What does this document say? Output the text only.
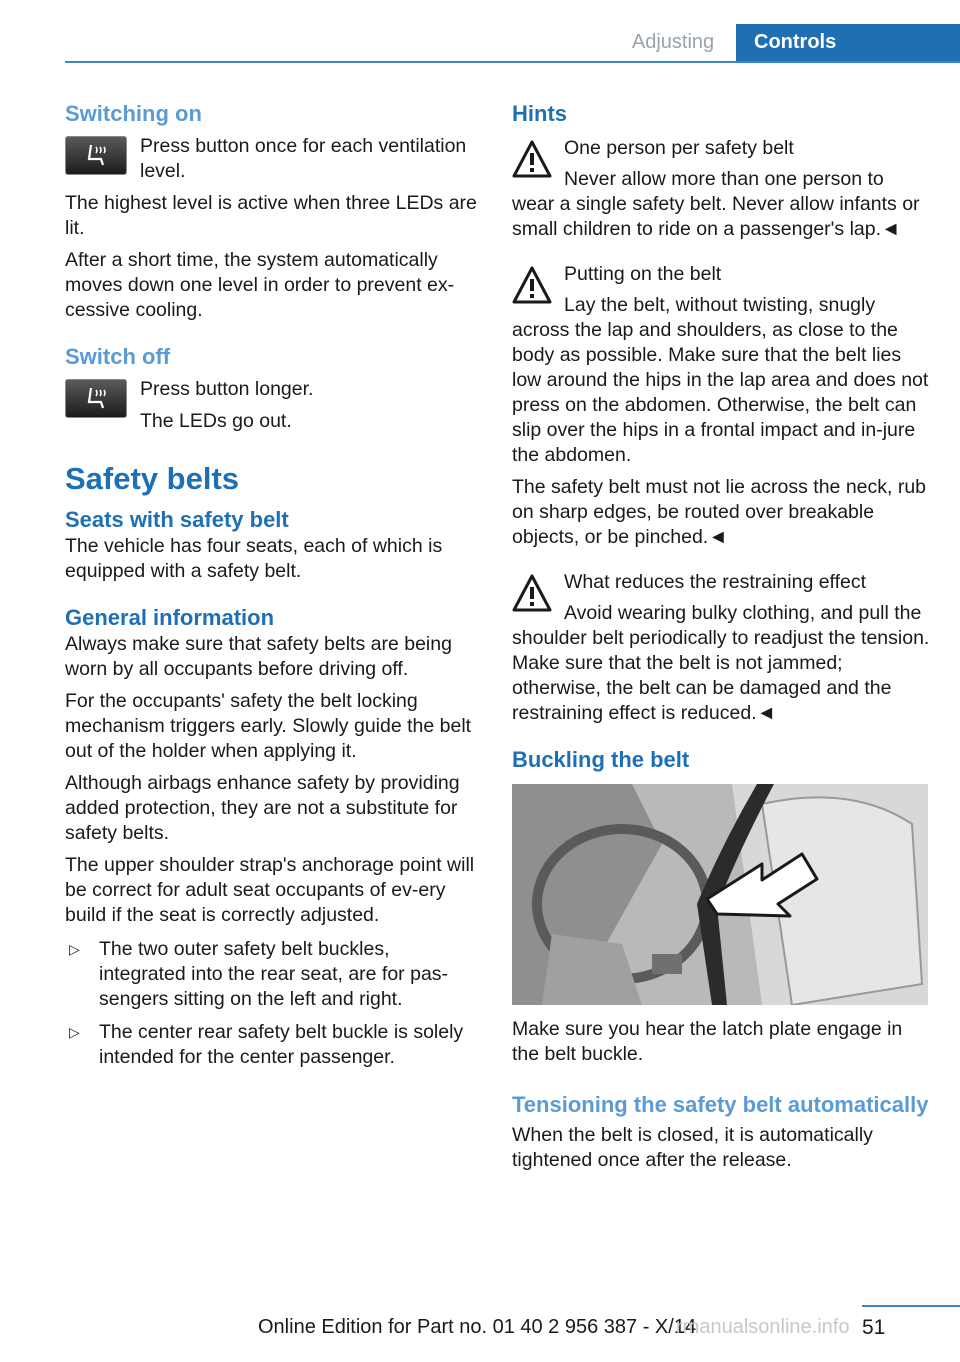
Adjusting	Controls
Switching on

Press button once for each ventilation level.

The highest level is active when three LEDs are lit.

After a short time, the system automatically moves down one level in order to prevent ex‐cessive cooling.

Switch off

Press button longer.

The LEDs go out.

Safety belts
Seats with safety belt

The vehicle has four seats, each of which is equipped with a safety belt.

General information

Always make sure that safety belts are being worn by all occupants before driving off.

For the occupants' safety the belt locking mechanism triggers early. Slowly guide the belt out of the holder when applying it.

Although airbags enhance safety by providing added protection, they are not a substitute for safety belts.

The upper shoulder strap's anchorage point will be correct for adult seat occupants of ev‐ery build if the seat is correctly adjusted.

▷ The two outer safety belt buckles, integrated into the rear seat, are for pas‐sengers sitting on the left and right.
▷ The center rear safety belt buckle is solely intended for the center passenger.
Hints

One person per safety belt

Never allow more than one person to wear a single safety belt. Never allow infants or small children to ride on a passenger's lap.◄

Putting on the belt

Lay the belt, without twisting, snugly across the lap and shoulders, as close to the body as possible. Make sure that the belt lies low around the hips in the lap area and does not press on the abdomen. Otherwise, the belt can slip over the hips in a frontal impact and in‐jure the abdomen.

The safety belt must not lie across the neck, rub on sharp edges, be routed over breakable objects, or be pinched.◄

What reduces the restraining effect

Avoid wearing bulky clothing, and pull the shoulder belt periodically to readjust the tension. Make sure that the belt is not jammed; otherwise, the belt can be damaged and the restraining effect is reduced.◄

Buckling the belt

Make sure you hear the latch plate engage in the belt buckle.

Tensioning the safety belt automatically

When the belt is closed, it is automatically tightened once after the release.

Online Edition for Part no. 01 40 2 956 387 - X/14
rmanualsonline.info 51
